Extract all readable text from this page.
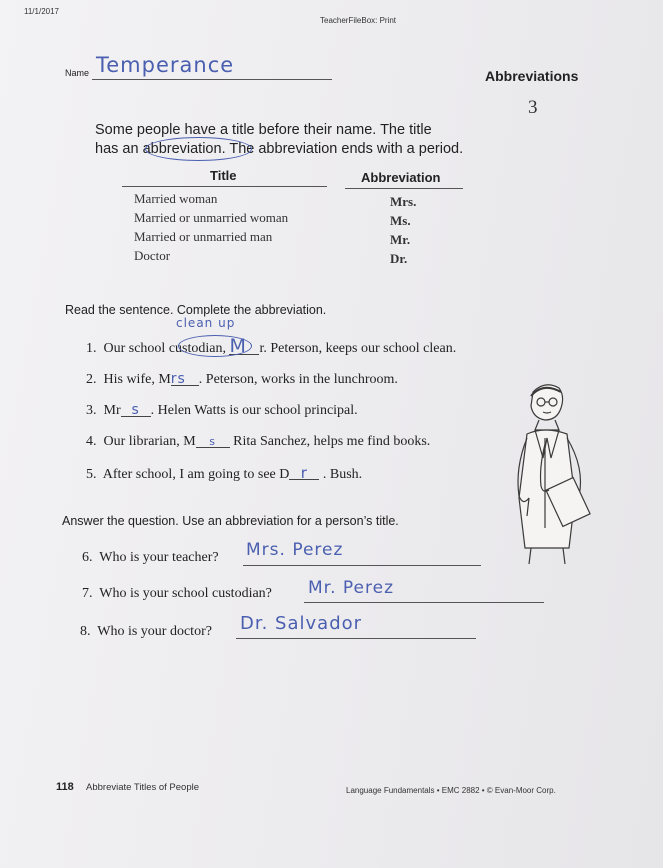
11/1/2017
TeacherFileBox: Print
Name Temperance	Abbreviations
3
Some people have a title before their name. The title
has an abbreviation. The abbreviation ends with a period.
Title	Abbreviation
Married woman	Mrs.
Married or unmarried woman	Ms.
Married or unmarried man	Mr.
Doctor	Dr.
Read the sentence. Complete the abbreviation.
clean up
1. Our school custodian, M r. Peterson, keeps our school clean.
2. His wife, Mrs . Peterson, works in the lunchroom.
3. Mr s . Helen Watts is our school principal.
4. Our librarian, M s Rita Sanchez, helps me find books.
5. After school, I am going to see D r . Bush.
Answer the question. Use an abbreviation for a person’s title.
6. Who is your teacher? Mrs. Perez
7. Who is your school custodian? Mr. Perez
8. Who is your doctor? Dr. Salvador
118 Abbreviate Titles of People	Language Fundamentals • EMC 2882 • © Evan-Moor Corp.
